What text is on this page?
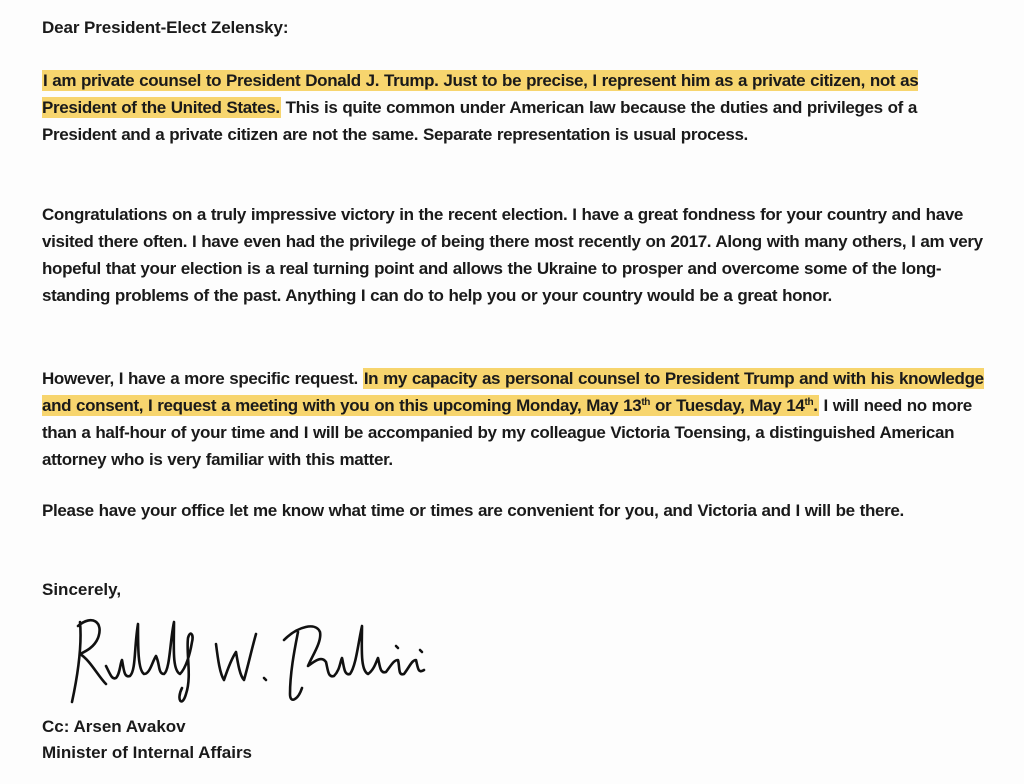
Dear President-Elect Zelensky:
I am private counsel to President Donald J. Trump. Just to be precise, I represent him as a private citizen, not as President of the United States. This is quite common under American law because the duties and privileges of a President and a private citizen are not the same. Separate representation is usual process.
Congratulations on a truly impressive victory in the recent election. I have a great fondness for your country and have visited there often. I have even had the privilege of being there most recently on 2017. Along with many others, I am very hopeful that your election is a real turning point and allows the Ukraine to prosper and overcome some of the long-standing problems of the past. Anything I can do to help you or your country would be a great honor.
However, I have a more specific request. In my capacity as personal counsel to President Trump and with his knowledge and consent, I request a meeting with you on this upcoming Monday, May 13th or Tuesday, May 14th. I will need no more than a half-hour of your time and I will be accompanied by my colleague Victoria Toensing, a distinguished American attorney who is very familiar with this matter.
Please have your office let me know what time or times are convenient for you, and Victoria and I will be there.
Sincerely,
Cc: Arsen Avakov
Minister of Internal Affairs
